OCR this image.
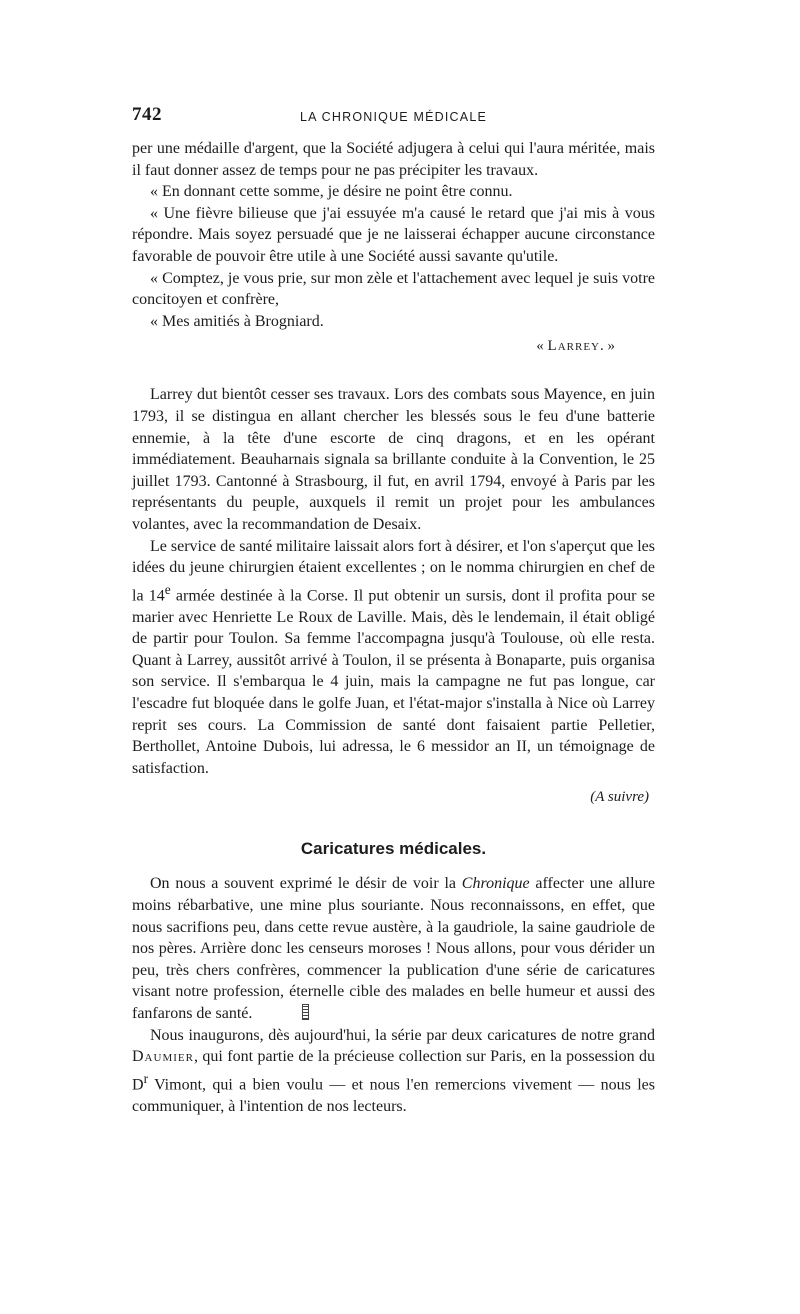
742	LA CHRONIQUE MÉDICALE

per une médaille d'argent, que la Société adjugera à celui qui l'aura méritée, mais il faut donner assez de temps pour ne pas précipiter les travaux.

« En donnant cette somme, je désire ne point être connu.

« Une fièvre bilieuse que j'ai essuyée m'a causé le retard que j'ai mis à vous répondre. Mais soyez persuadé que je ne laisserai échapper aucune circonstance favorable de pouvoir être utile à une Société aussi savante qu'utile.

« Comptez, je vous prie, sur mon zèle et l'attachement avec lequel je suis votre concitoyen et confrère,

« Mes amitiés à Brogniard.

« Larrey. »

Larrey dut bientôt cesser ses travaux. Lors des combats sous Mayence, en juin 1793, il se distingua en allant chercher les blessés sous le feu d'une batterie ennemie, à la tête d'une escorte de cinq dragons, et en les opérant immédiatement. Beauharnais signala sa brillante conduite à la Convention, le 25 juillet 1793. Cantonné à Strasbourg, il fut, en avril 1794, envoyé à Paris par les représentants du peuple, auxquels il remit un projet pour les ambulances volantes, avec la recommandation de Desaix.

Le service de santé militaire laissait alors fort à désirer, et l'on s'aperçut que les idées du jeune chirurgien étaient excellentes ; on le nomma chirurgien en chef de la 14e armée destinée à la Corse. Il put obtenir un sursis, dont il profita pour se marier avec Henriette Le Roux de Laville. Mais, dès le lendemain, il était obligé de partir pour Toulon. Sa femme l'accompagna jusqu'à Toulouse, où elle resta. Quant à Larrey, aussitôt arrivé à Toulon, il se présenta à Bonaparte, puis organisa son service. Il s'embarqua le 4 juin, mais la campagne ne fut pas longue, car l'escadre fut bloquée dans le golfe Juan, et l'état-major s'installa à Nice où Larrey reprit ses cours. La Commission de santé dont faisaient partie Pelletier, Berthollet, Antoine Dubois, lui adressa, le 6 messidor an II, un témoignage de satisfaction.

(A suivre)
Caricatures médicales.

On nous a souvent exprimé le désir de voir la Chronique affecter une allure moins rébarbative, une mine plus souriante. Nous reconnaissons, en effet, que nous sacrifions peu, dans cette revue austère, à la gaudriole, la saine gaudriole de nos pères. Arrière donc les censeurs moroses ! Nous allons, pour vous dérider un peu, très chers confrères, commencer la publication d'une série de caricatures visant notre profession, éternelle cible des malades en belle humeur et aussi des fanfarons de santé.

Nous inaugurons, dès aujourd'hui, la série par deux caricatures de notre grand Daumier, qui font partie de la précieuse collection sur Paris, en la possession du $D^r$ Vimont, qui a bien voulu — et nous l'en remercions vivement — nous les communiquer, à l'intention de nos lecteurs.
